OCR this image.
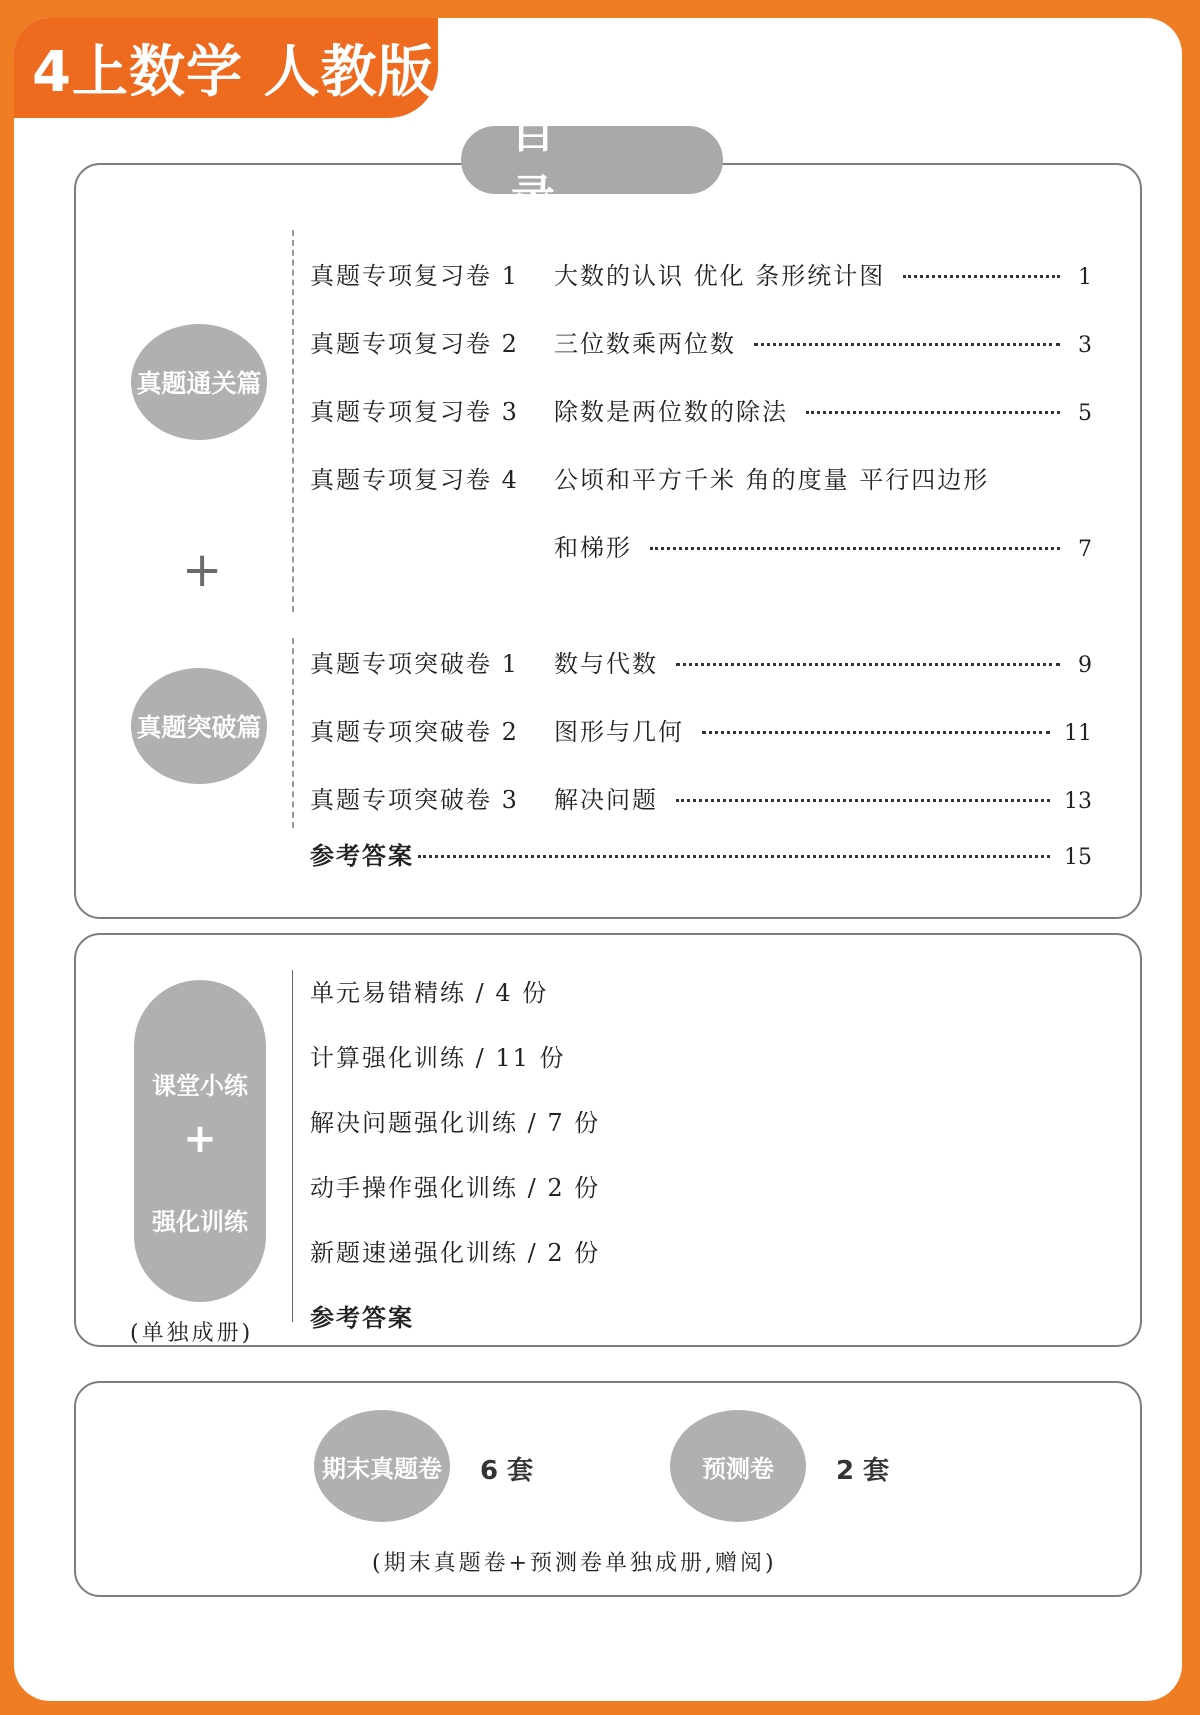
4上数学 人教版
目
真题通关篇
+
真题突破篇
真题专项复习卷 1	大数的认识 优化 条形统计图	1
真题专项复习卷 2	三位数乘两位数	3
真题专项复习卷 3	除数是两位数的除法	5
真题专项复习卷 4	公顷和平方千米 角的度量 平行四边形
和梯形	7
真题专项突破卷 1	数与代数	9
真题专项突破卷 2	图形与几何	11
真题专项突破卷 3	解决问题	13
参考答案	15
课堂小练
+
强化训练
(单独成册)
单元易错精练 / 4 份
计算强化训练 / 11 份
解决问题强化训练 / 7 份
动手操作强化训练 / 2 份
新题速递强化训练 / 2 份
参考答案
期末真题卷	6 套	预测卷	2 套
(期末真题卷+预测卷单独成册,赠阅)
